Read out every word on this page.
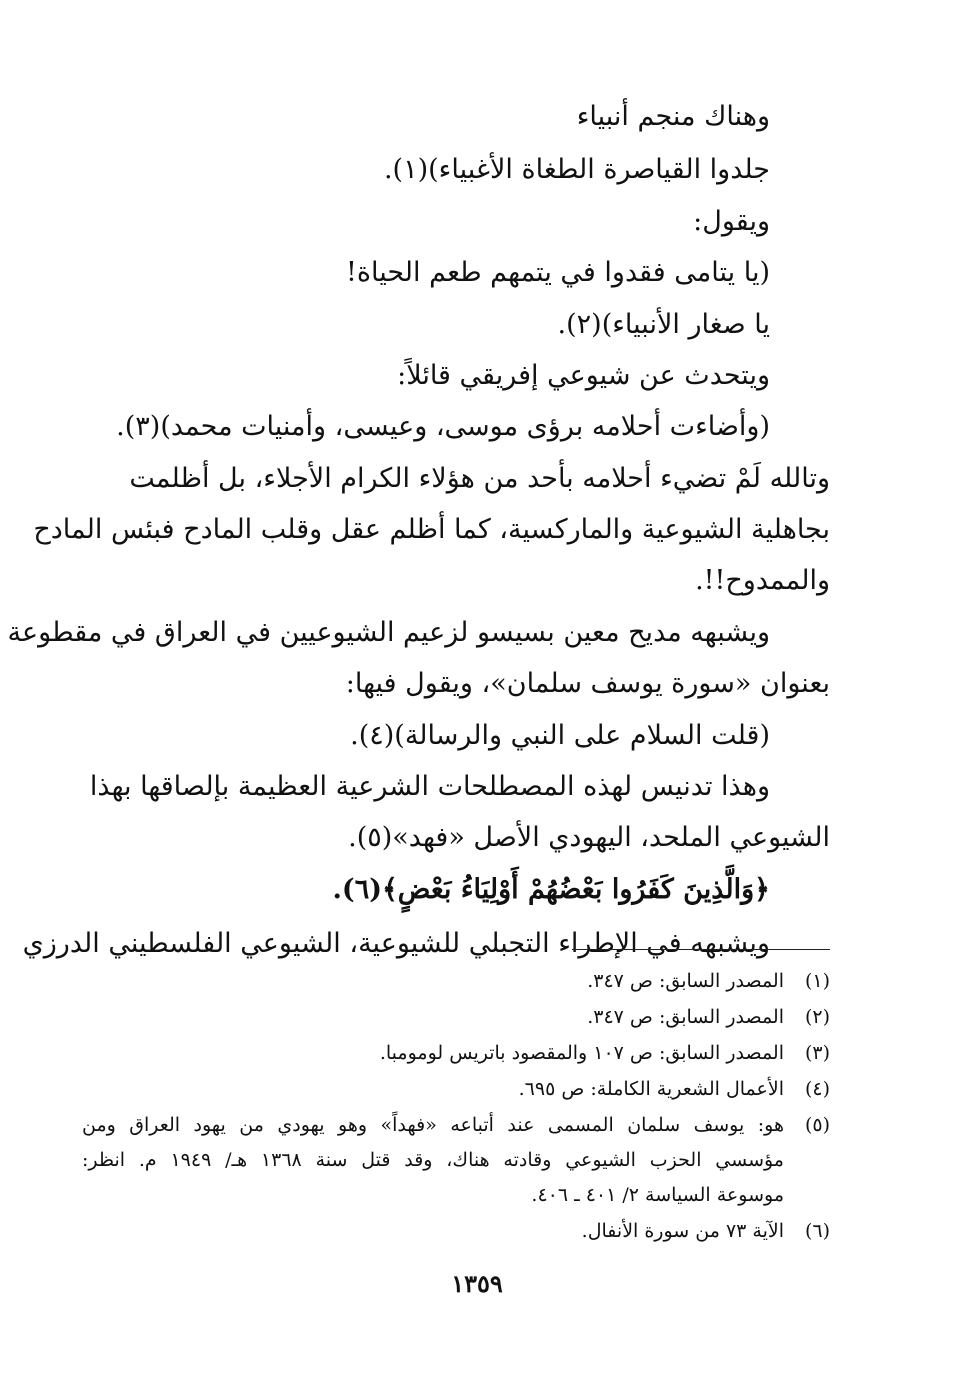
وهناك منجم أنبياء
جلدوا القياصرة الطغاة الأغبياء)(١).
ويقول:
(يا يتامى فقدوا في يتمهم طعم الحياة!
يا صغار الأنبياء)(٢).
ويتحدث عن شيوعي إفريقي قائلاً:
(وأضاءت أحلامه برؤى موسى، وعيسى، وأمنيات محمد)(٣).
وتالله لَمْ تضيء أحلامه بأحد من هؤلاء الكرام الأجلاء، بل أظلمت
بجاهلية الشيوعية والماركسية، كما أظلم عقل وقلب المادح فبئس المادح
والممدوح!!.
ويشبهه مديح معين بسيسو لزعيم الشيوعيين في العراق في مقطوعة
بعنوان «سورة يوسف سلمان»، ويقول فيها:
(قلت السلام على النبي والرسالة)(٤).
وهذا تدنيس لهذه المصطلحات الشرعية العظيمة بإلصاقها بهذا
الشيوعي الملحد، اليهودي الأصل «فهد»(٥).
﴿وَالَّذِينَ كَفَرُوا بَعْضُهُمْ أَوْلِيَاءُ بَعْضٍ﴾(٦).
ويشبهه في الإطراء التجبلي للشيوعية، الشيوعي الفلسطيني الدرزي
(١)
المصدر السابق: ص ٣٤٧.
(٢)
المصدر السابق: ص ٣٤٧.
(٣)
المصدر السابق: ص ١٠٧ والمقصود باتريس لومومبا.
(٤)
الأعمال الشعرية الكاملة: ص ٦٩٥.
(٥)
هو: يوسف سلمان المسمى عند أتباعه «فهداً» وهو يهودي من يهود العراق ومن
مؤسسي الحزب الشيوعي وقادته هناك، وقد قتل سنة ١٣٦٨ هـ/ ١٩٤٩ م. انظر:
موسوعة السياسة ٢/ ٤٠١ ـ ٤٠٦.
(٦)
الآية ٧٣ من سورة الأنفال.
١٣٥٩
